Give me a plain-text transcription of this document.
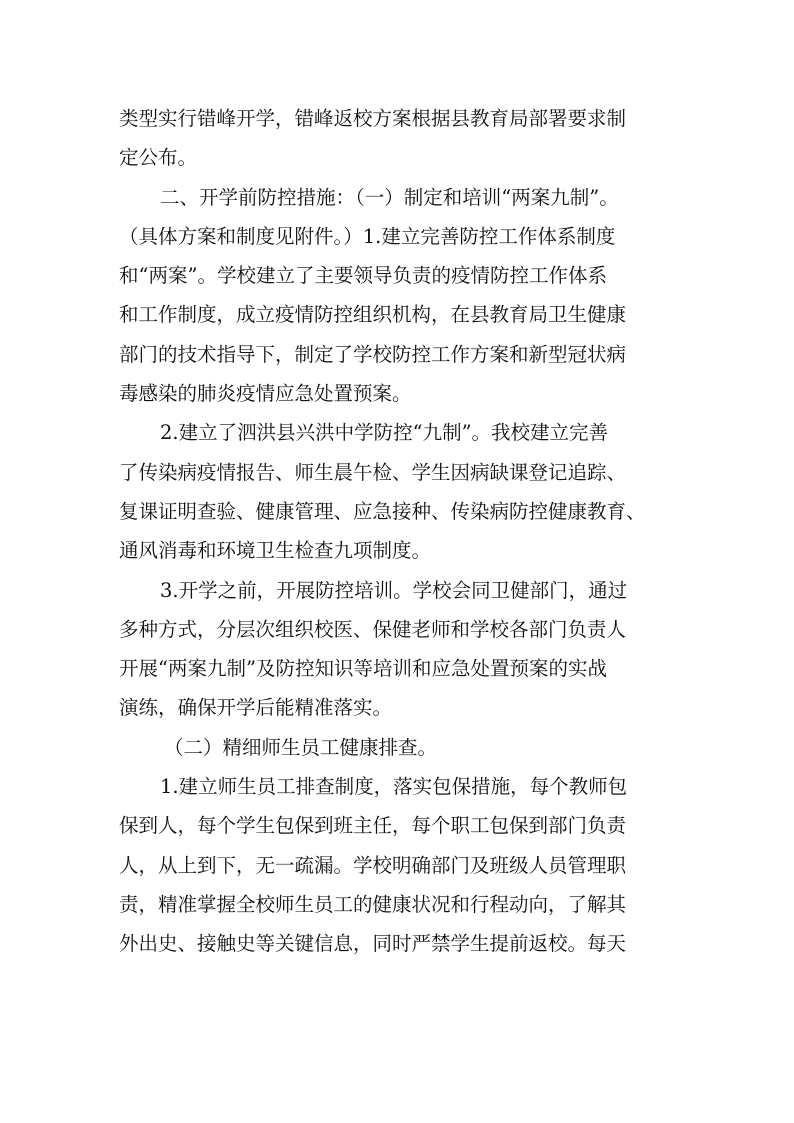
类型实行错峰开学，错峰返校方案根据县教育局部署要求制
定公布。
二、开学前防控措施：（一）制定和培训“两案九制”。
（具体方案和制度见附件。）1.建立完善防控工作体系制度
和“两案”。学校建立了主要领导负责的疫情防控工作体系
和工作制度，成立疫情防控组织机构，在县教育局卫生健康
部门的技术指导下，制定了学校防控工作方案和新型冠状病
毒感染的肺炎疫情应急处置预案。
2.建立了泗洪县兴洪中学防控“九制”。我校建立完善
了传染病疫情报告、师生晨午检、学生因病缺课登记追踪、
复课证明查验、健康管理、应急接种、传染病防控健康教育、
通风消毒和环境卫生检查九项制度。
3.开学之前，开展防控培训。学校会同卫健部门，通过
多种方式，分层次组织校医、保健老师和学校各部门负责人
开展“两案九制”及防控知识等培训和应急处置预案的实战
演练，确保开学后能精准落实。
（二）精细师生员工健康排查。
1.建立师生员工排查制度，落实包保措施，每个教师包
保到人，每个学生包保到班主任，每个职工包保到部门负责
人，从上到下，无一疏漏。学校明确部门及班级人员管理职
责，精准掌握全校师生员工的健康状况和行程动向，了解其
外出史、接触史等关键信息，同时严禁学生提前返校。每天
